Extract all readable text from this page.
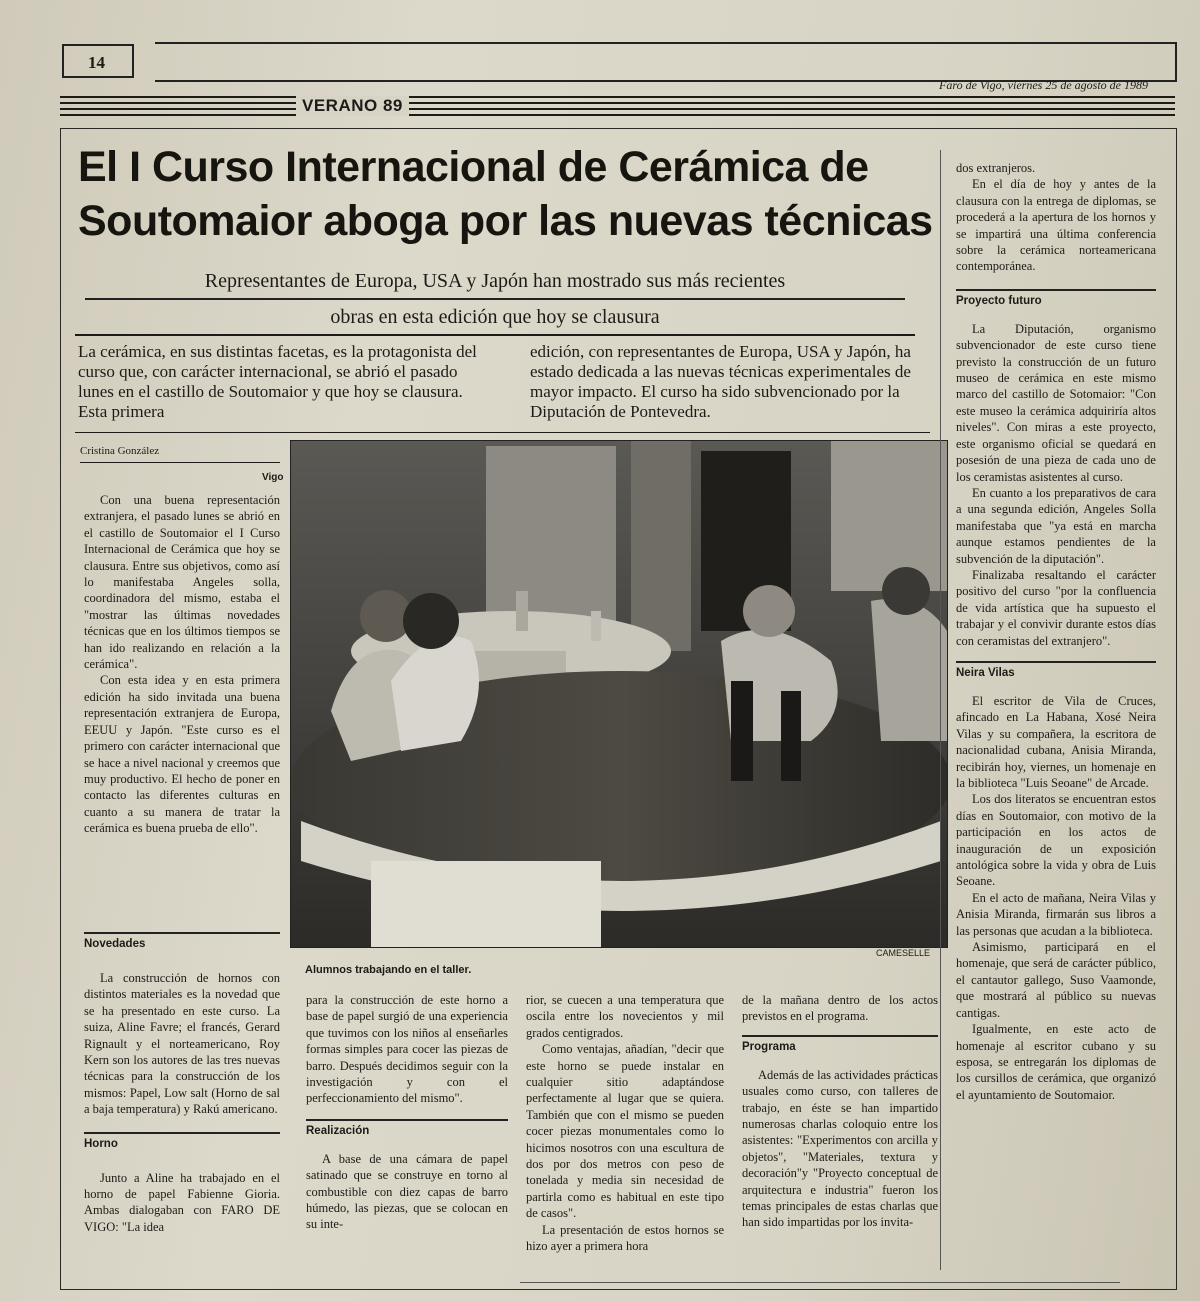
14
Faro de Vigo, viernes 25 de agosto de 1989
VERANO 89
El I Curso Internacional de Cerámica de Soutomaior aboga por las nuevas técnicas
Representantes de Europa, USA y Japón han mostrado sus más recientes
obras en esta edición que hoy se clausura
La cerámica, en sus distintas facetas, es la protagonista del curso que, con carácter internacional, se abrió el pasado lunes en el castillo de Soutomaior y que hoy se clausura. Esta primera
edición, con representantes de Europa, USA y Japón, ha estado dedicada a las nuevas técnicas experimentales de mayor impacto. El curso ha sido subvencionado por la Diputación de Pontevedra.
Cristina González
Vigo

Con una buena representación extranjera, el pasado lunes se abrió en el castillo de Soutomaior el I Curso Internacional de Cerámica que hoy se clausura. Entre sus objetivos, como así lo manifestaba Angeles solla, coordinadora del mismo, estaba el "mostrar las últimas novedades técnicas que en los últimos tiempos se han ido realizando en relación a la cerámica".

Con esta idea y en esta primera edición ha sido invitada una buena representación extranjera de Europa, EEUU y Japón. "Este curso es el primero con carácter internacional que se hace a nivel nacional y creemos que muy productivo. El hecho de poner en contacto las diferentes culturas en cuanto a su manera de tratar la cerámica es buena prueba de ello".

Novedades

La construcción de hornos con distintos materiales es la novedad que se ha presentado en este curso. La suiza, Aline Favre; el francés, Gerard Rignault y el norteamericano, Roy Kern son los autores de las tres nuevas técnicas para la construcción de los mismos: Papel, Low salt (Horno de sal a baja temperatura) y Rakú americano.

Horno

Junto a Aline ha trabajado en el horno de papel Fabienne Gioria. Ambas dialogaban con FARO DE VIGO: "La idea

CAMESELLE
Alumnos trabajando en el taller.

para la construcción de este horno a base de papel surgió de una experiencia que tuvimos con los niños al enseñarles formas simples para cocer las piezas de barro. Después decidimos seguir con la investigación y con el perfeccionamiento del mismo".

Realización

A base de una cámara de papel satinado que se construye en torno al combustible con diez capas de barro húmedo, las piezas, que se colocan en su inte-

rior, se cuecen a una temperatura que oscila entre los novecientos y mil grados centigrados.

Como ventajas, añadían, "decir que este horno se puede instalar en cualquier sitio adaptándose perfectamente al lugar que se quiera. También que con el mismo se pueden cocer piezas monumentales como lo hicimos nosotros con una escultura de dos por dos metros con peso de tonelada y media sin necesidad de partirla como es habitual en este tipo de casos".

La presentación de estos hornos se hizo ayer a primera hora

de la mañana dentro de los actos previstos en el programa.

Programa

Además de las actividades prácticas usuales como curso, con talleres de trabajo, en éste se han impartido numerosas charlas coloquio entre los asistentes: "Experimentos con arcilla y objetos", "Materiales, textura y decoración"y "Proyecto conceptual de arquitectura e industria" fueron los temas principales de estas charlas que han sido impartidas por los invita-

dos extranjeros.

En el día de hoy y antes de la clausura con la entrega de diplomas, se procederá a la apertura de los hornos y se impartirá una última conferencia sobre la cerámica norteamericana contemporánea.

Proyecto futuro

La Diputación, organismo subvencionador de este curso tiene previsto la construcción de un futuro museo de cerámica en este mismo marco del castillo de Sotomaior: "Con este museo la cerámica adquiriría altos niveles". Con miras a este proyecto, este organismo oficial se quedará en posesión de una pieza de cada uno de los ceramistas asistentes al curso.

En cuanto a los preparativos de cara a una segunda edición, Angeles Solla manifestaba que "ya está en marcha aunque estamos pendientes de la subvención de la diputación".

Finalizaba resaltando el carácter positivo del curso "por la confluencia de vida artística que ha supuesto el trabajar y el convivir durante estos días con ceramistas del extranjero".

Neira Vilas

El escritor de Vila de Cruces, afincado en La Habana, Xosé Neira Vilas y su compañera, la escritora de nacionalidad cubana, Anisia Miranda, recibirán hoy, viernes, un homenaje en la biblioteca "Luis Seoane" de Arcade.

Los dos literatos se encuentran estos días en Soutomaior, con motivo de la participación en los actos de inauguración de un exposición antológica sobre la vida y obra de Luis Seoane.

En el acto de mañana, Neira Vilas y Anisia Miranda, firmarán sus libros a las personas que acudan a la biblioteca.

Asimismo, participará en el homenaje, que será de carácter público, el cantautor gallego, Suso Vaamonde, que mostrará al público su nuevas cantigas.

Igualmente, en este acto de homenaje al escritor cubano y su esposa, se entregarán los diplomas de los cursillos de cerámica, que organizó el ayuntamiento de Soutomaior.
